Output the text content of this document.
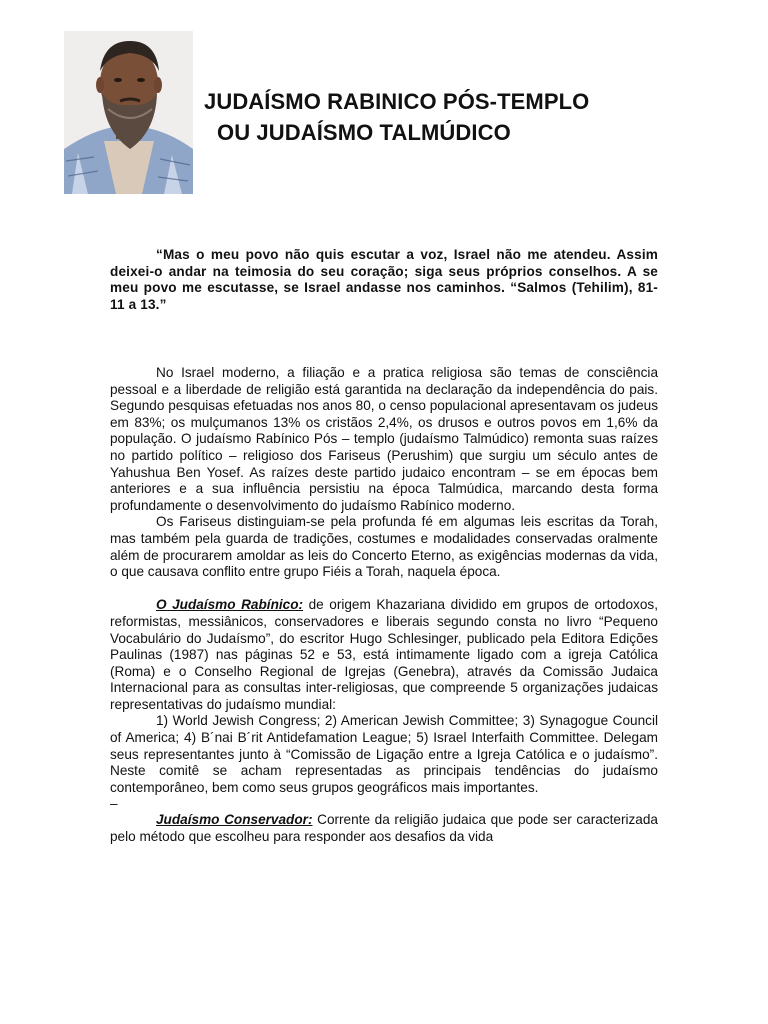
JUDAÍSMO RABINICO PÓS-TEMPLO
OU JUDAÍSMO TALMÚDICO

“Mas o meu povo não quis escutar a voz, Israel não me atendeu. Assim deixei-o andar na teimosia do seu coração; siga seus próprios conselhos. A se meu povo me escutasse, se Israel andasse nos caminhos. “Salmos (Tehilim), 81-11 a 13.”

No Israel moderno, a filiação e a pratica religiosa são temas de consciência pessoal e a liberdade de religião está garantida na declaração da independência do pais. Segundo pesquisas efetuadas nos anos 80, o censo populacional apresentavam os judeus em 83%; os mulçumanos 13% os cristãos 2,4%, os drusos e outros povos em 1,6% da população. O judaísmo Rabínico Pós – templo (judaísmo Talmúdico) remonta suas raízes no partido político – religioso dos Fariseus (Perushim) que surgiu um século antes de Yahushua Ben Yosef. As raízes deste partido judaico encontram – se em épocas bem anteriores e a sua influência persistiu na época Talmúdica, marcando desta forma profundamente o desenvolvimento do judaísmo Rabínico moderno.

Os Fariseus distinguiam-se pela profunda fé em algumas leis escritas da Torah, mas também pela guarda de tradições, costumes e modalidades conservadas oralmente além de procurarem amoldar as leis do Concerto Eterno, as exigências modernas da vida, o que causava conflito entre grupo Fiéis a Torah, naquela época.

O Judaísmo Rabínico: de origem Khazariana dividido em grupos de ortodoxos, reformistas, messiânicos, conservadores e liberais segundo consta no livro “Pequeno Vocabulário do Judaísmo”, do escritor Hugo Schlesinger, publicado pela Editora Edições Paulinas (1987) nas páginas 52 e 53, está intimamente ligado com a igreja Católica (Roma) e o Conselho Regional de Igrejas (Genebra), através da Comissão Judaica Internacional para as consultas inter-religiosas, que compreende 5 organizações judaicas representativas do judaísmo mundial:

1) World Jewish Congress; 2) American Jewish Committee; 3) Synagogue Council of America; 4) B´nai B´rit Antidefamation League; 5) Israel Interfaith Committee. Delegam seus representantes junto à “Comissão de Ligação entre a Igreja Católica e o judaísmo”. Neste comitê se acham representadas as principais tendências do judaísmo contemporâneo, bem como seus grupos geográficos mais importantes.

–

Judaísmo Conservador: Corrente da religião judaica que pode ser caracterizada pelo método que escolheu para responder aos desafios da vida
